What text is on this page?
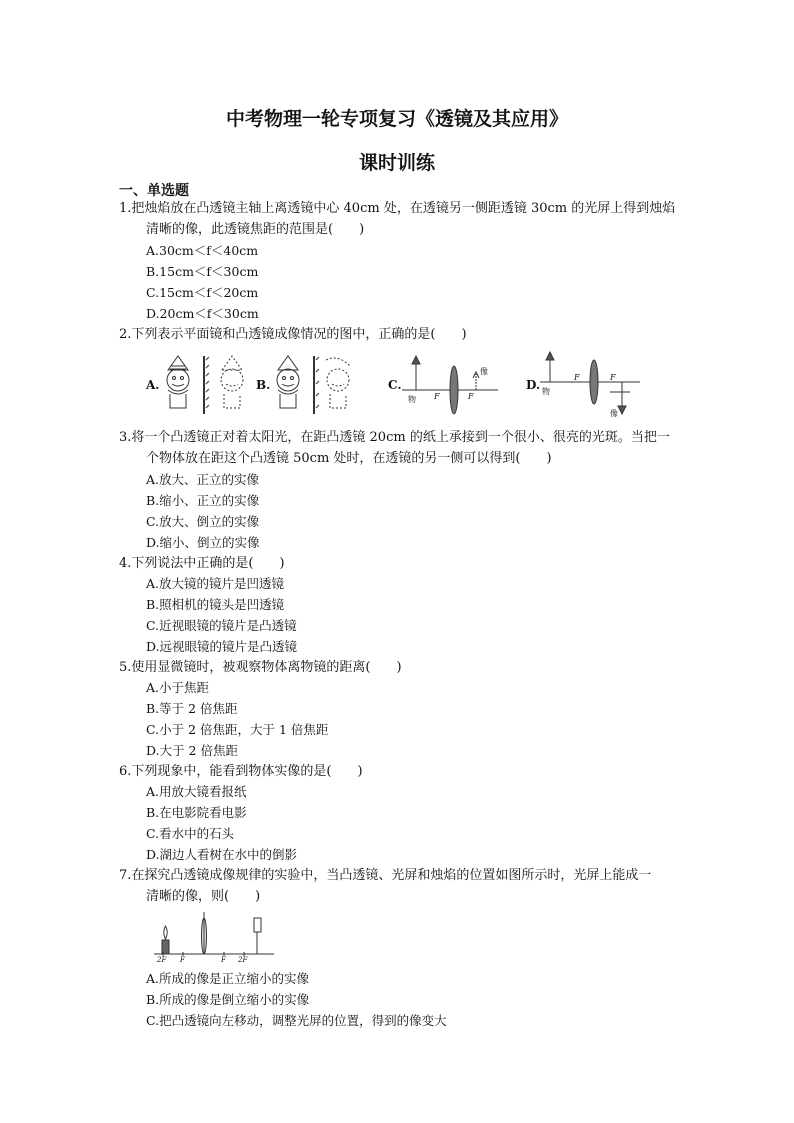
中考物理一轮专项复习《透镜及其应用》
课时训练
一、单选题
1.把烛焰放在凸透镜主轴上离透镜中心 40cm 处，在透镜另一侧距透镜 30cm 的光屏上得到烛焰
清晰的像，此透镜焦距的范围是(　　)
A.30cm＜f＜40cm
B.15cm＜f＜30cm
C.15cm＜f＜20cm
D.20cm＜f＜30cm
2.下列表示平面镜和凸透镜成像情况的图中，正确的是(　　)
A.	B.	C.
物 F	F
像
D. 物
F	F
像
3.将一个凸透镜正对着太阳光，在距凸透镜 20cm 的纸上承接到一个很小、很亮的光斑。当把一
个物体放在距这个凸透镜 50cm 处时，在透镜的另一侧可以得到(　　)
A.放大、正立的实像
B.缩小、正立的实像
C.放大、倒立的实像
D.缩小、倒立的实像
4.下列说法中正确的是(　　)
A.放大镜的镜片是凹透镜
B.照相机的镜头是凹透镜
C.近视眼镜的镜片是凸透镜
D.远视眼镜的镜片是凸透镜
5.使用显微镜时，被观察物体离物镜的距离(　　)
A.小于焦距
B.等于 2 倍焦距
C.小于 2 倍焦距，大于 1 倍焦距
D.大于 2 倍焦距
6.下列现象中，能看到物体实像的是(　　)
A.用放大镜看报纸
B.在电影院看电影
C.看水中的石头
D.湖边人看树在水中的倒影
7.在探究凸透镜成像规律的实验中，当凸透镜、光屏和烛焰的位置如图所示时，光屏上能成一
清晰的像，则(　　)
2F F	F 2F
A.所成的像是正立缩小的实像
B.所成的像是倒立缩小的实像
C.把凸透镜向左移动，调整光屏的位置，得到的像变大
